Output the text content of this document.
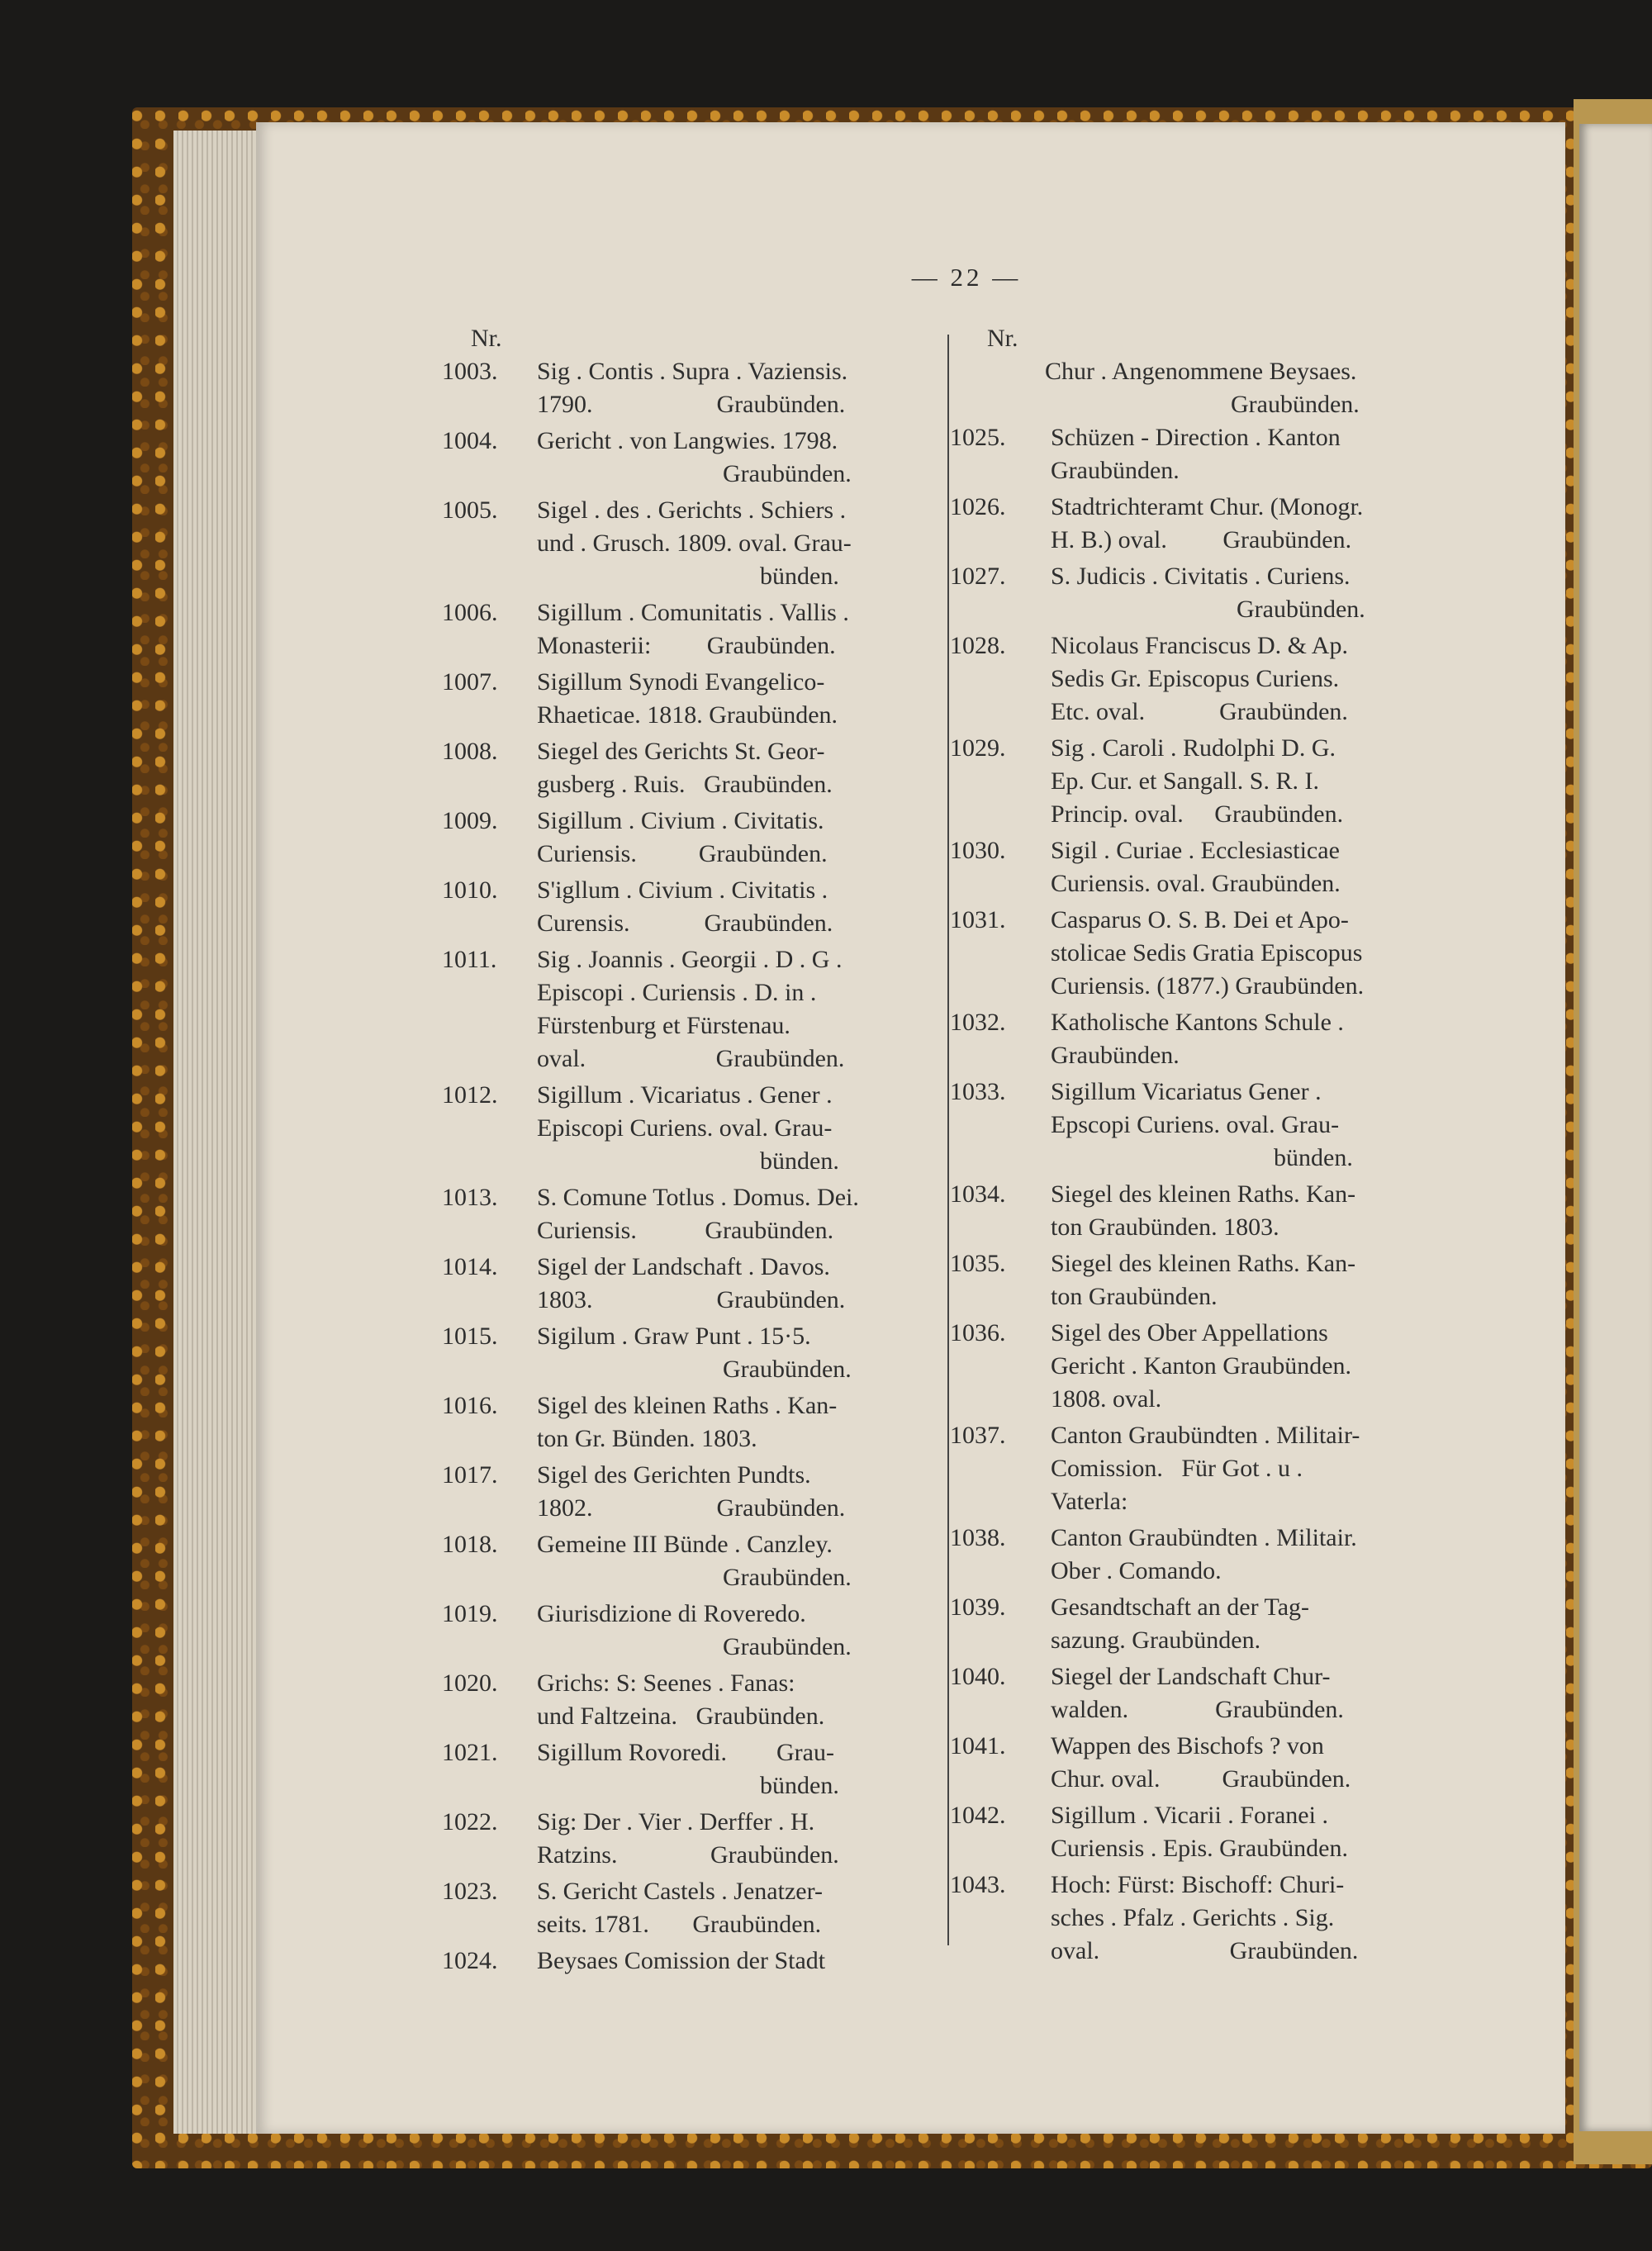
— 22 —
Nr.
1003.	Sig . Contis . Supra . Vaziensis.
1790.                    Graubünden.
1004.	Gericht . von Langwies. 1798.
Graubünden.
1005.	Sigel . des . Gerichts . Schiers .
und . Grusch. 1809. oval. Grau-
bünden.
1006.	Sigillum . Comunitatis . Vallis .
Monasterii:         Graubünden.
1007.	Sigillum Synodi Evangelico-
Rhaeticae. 1818. Graubünden.
1008.	Siegel des Gerichts St. Geor-
gusberg . Ruis.   Graubünden.
1009.	Sigillum . Civium . Civitatis.
Curiensis.          Graubünden.
1010.	S'igllum . Civium . Civitatis .
Curensis.            Graubünden.
1011.	Sig . Joannis . Georgii . D . G .
Episcopi . Curiensis . D. in .
Fürstenburg et Fürstenau.
oval.                     Graubünden.
1012.	Sigillum . Vicariatus . Gener .
Episcopi Curiens. oval. Grau-
bünden.
1013.	S. Comune Totlus . Domus. Dei.
Curiensis.           Graubünden.
1014.	Sigel der Landschaft . Davos.
1803.                    Graubünden.
1015.	Sigilum . Graw Punt . 15·5.
Graubünden.
1016.	Sigel des kleinen Raths . Kan-
ton Gr. Bünden. 1803.
1017.	Sigel des Gerichten Pundts.
1802.                    Graubünden.
1018.	Gemeine III Bünde . Canzley.
Graubünden.
1019.	Giurisdizione di Roveredo.
Graubünden.
1020.	Grichs: S: Seenes . Fanas:
und Faltzeina.   Graubünden.
1021.	Sigillum Rovoredi.        Grau-
bünden.
1022.	Sig: Der . Vier . Derffer . H.
Ratzins.               Graubünden.
1023.	S. Gericht Castels . Jenatzer-
seits. 1781.       Graubünden.
1024.	Beysaes Comission der Stadt
Nr.
Chur . Angenommene Beysaes.
Graubünden.
1025.	Schüzen - Direction . Kanton
Graubünden.
1026.	Stadtrichteramt Chur. (Monogr.
H. B.) oval.         Graubünden.
1027.	S. Judicis . Civitatis . Curiens.
Graubünden.
1028.	Nicolaus Franciscus D. & Ap.
Sedis Gr. Episcopus Curiens.
Etc. oval.            Graubünden.
1029.	Sig . Caroli . Rudolphi D. G.
Ep. Cur. et Sangall. S. R. I.
Princip. oval.     Graubünden.
1030.	Sigil . Curiae . Ecclesiasticae
Curiensis. oval. Graubünden.
1031.	Casparus O. S. B. Dei et Apo-
stolicae Sedis Gratia Episcopus
Curiensis. (1877.) Graubünden.
1032.	Katholische Kantons Schule .
Graubünden.
1033.	Sigillum Vicariatus Gener .
Epscopi Curiens. oval. Grau-
bünden.
1034.	Siegel des kleinen Raths. Kan-
ton Graubünden. 1803.
1035.	Siegel des kleinen Raths. Kan-
ton Graubünden.
1036.	Sigel des Ober Appellations
Gericht . Kanton Graubünden.
1808. oval.
1037.	Canton Graubündten . Militair-
Comission.   Für Got . u .
Vaterla:
1038.	Canton Graubündten . Militair.
Ober . Comando.
1039.	Gesandtschaft an der Tag-
sazung. Graubünden.
1040.	Siegel der Landschaft Chur-
walden.              Graubünden.
1041.	Wappen des Bischofs ? von
Chur. oval.          Graubünden.
1042.	Sigillum . Vicarii . Foranei .
Curiensis . Epis. Graubünden.
1043.	Hoch: Fürst: Bischoff: Churi-
sches . Pfalz . Gerichts . Sig.
oval.                     Graubünden.
